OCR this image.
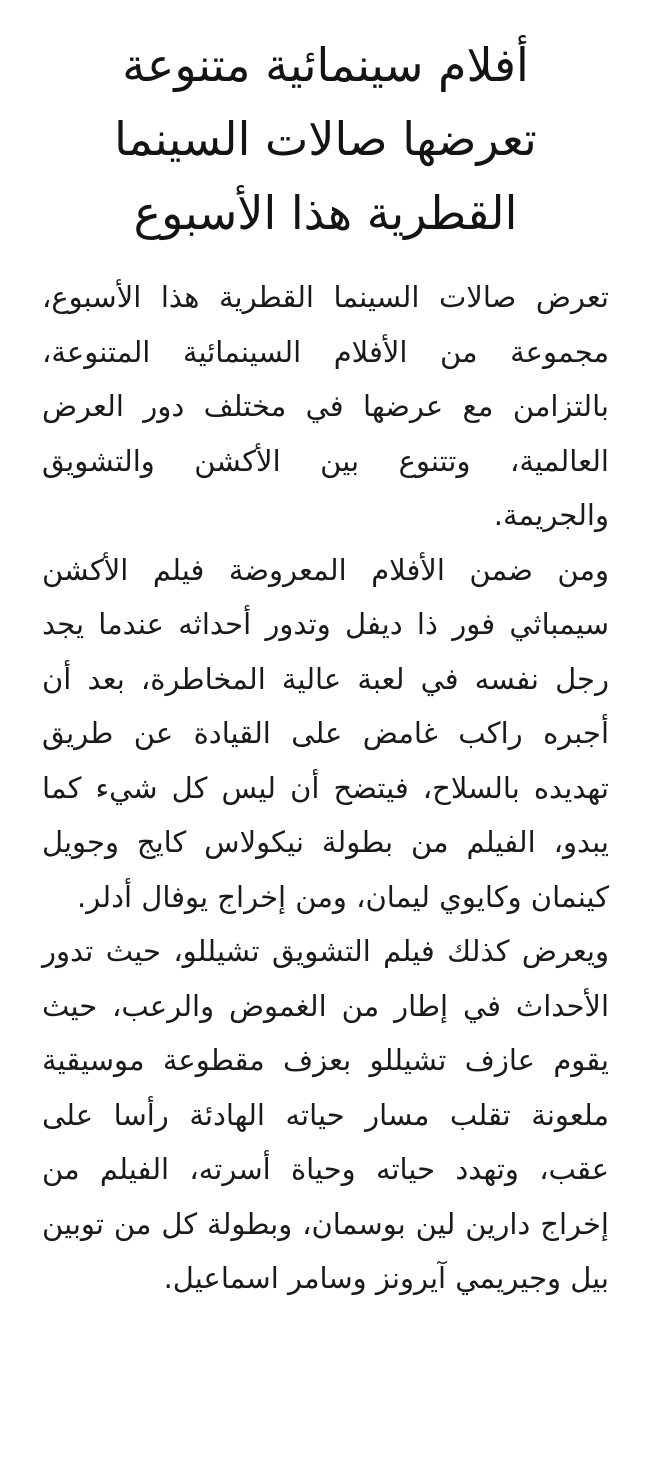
أفلام سينمائية متنوعة تعرضها صالات السينما القطرية هذا الأسبوع

تعرض صالات السينما القطرية هذا الأسبوع، مجموعة من الأفلام السينمائية المتنوعة، بالتزامن مع عرضها في مختلف دور العرض العالمية، وتتنوع بين الأكشن والتشويق والجريمة.

ومن ضمن الأفلام المعروضة فيلم الأكشن سيمباثي فور ذا ديفل وتدور أحداثه عندما يجد رجل نفسه في لعبة عالية المخاطرة، بعد أن أجبره راكب غامض على القيادة عن طريق تهديده بالسلاح، فيتضح أن ليس كل شيء كما يبدو، الفيلم من بطولة نيكولاس كايج وجويل كينمان وكايوي ليمان، ومن إخراج يوفال أدلر.

ويعرض كذلك فيلم التشويق تشيللو، حيث تدور الأحداث في إطار من الغموض والرعب، حيث يقوم عازف تشيللو بعزف مقطوعة موسيقية ملعونة تقلب مسار حياته الهادئة رأسا على عقب، وتهدد حياته وحياة أسرته، الفيلم من إخراج دارين لين بوسمان، وبطولة كل من توبين بيل وجيريمي آيرونز وسامر اسماعيل.
